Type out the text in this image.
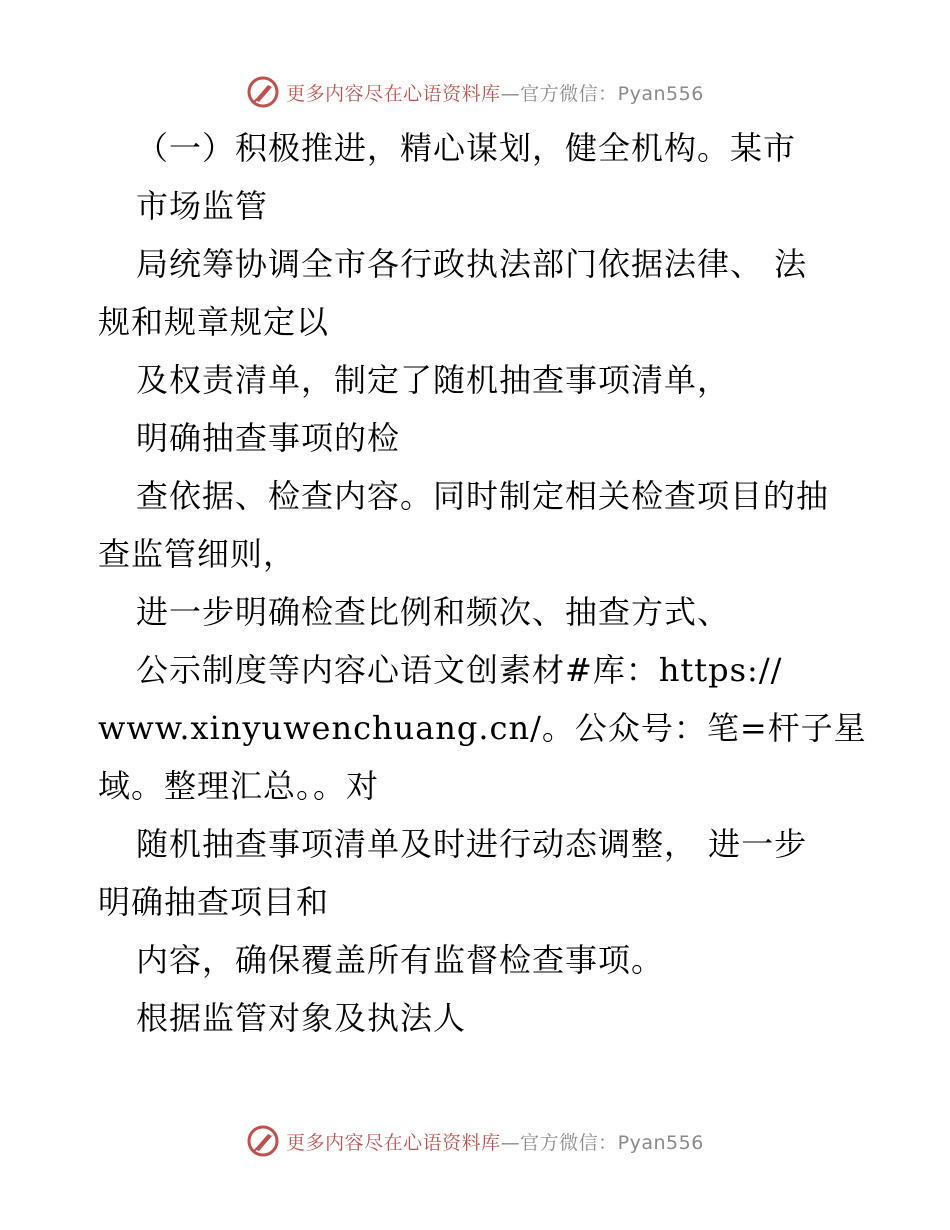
更多内容尽在心语资料库—官方微信：Pyan556
（一）积极推进，精心谋划，健全机构。某市
市场监管
局统筹协调全市各行政执法部门依据法律、 法
规和规章规定以
及权责清单，制定了随机抽查事项清单，
明确抽查事项的检
查依据、检查内容。同时制定相关检查项目的抽
查监管细则，
进一步明确检查比例和频次、抽查方式、
公示制度等内容心语文创素材#库：https://
www.xinyuwenchuang.cn/。公众号：笔=杆子星
域。整理汇总。。对
随机抽查事项清单及时进行动态调整， 进一步
明确抽查项目和
内容，确保覆盖所有监督检查事项。
根据监管对象及执法人
更多内容尽在心语资料库—官方微信：Pyan556
